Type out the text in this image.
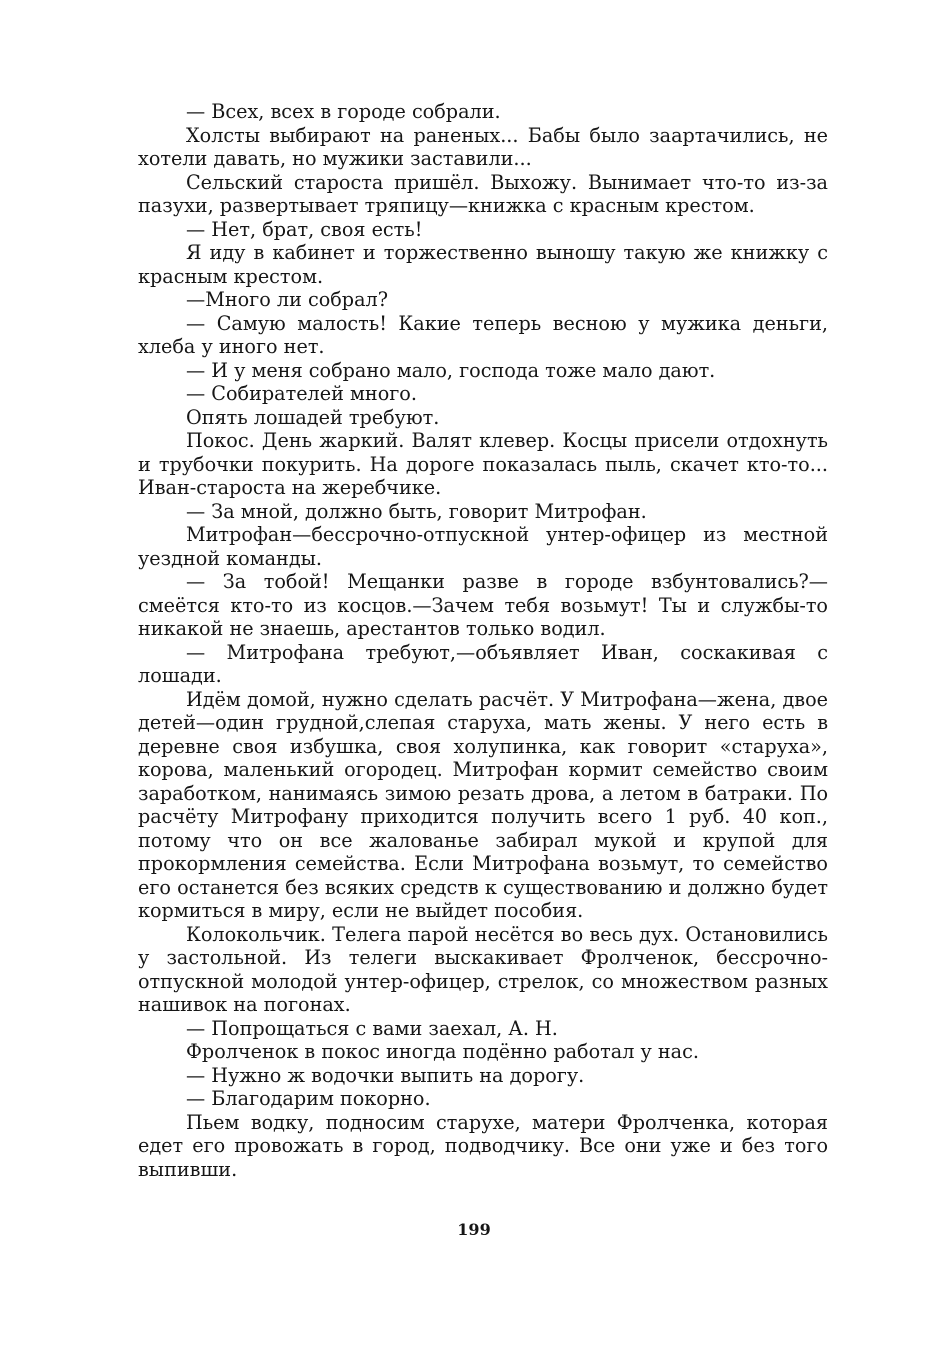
— Всех, всех в городе собрали.

Холсты выбирают на раненых... Бабы было заартачились, не хотели давать, но мужики заставили...

Сельский староста пришёл. Выхожу. Вынимает что-то из-за пазухи, развертывает тряпицу—книжка с красным крестом.

— Нет, брат, своя есть!

Я иду в кабинет и торжественно выношу такую же книжку с красным крестом.

—Много ли собрал?

— Самую малость! Какие теперь весною у мужика деньги, хлеба у иного нет.

— И у меня собрано мало, господа тоже мало дают.

— Собирателей много.

Опять лошадей требуют.

Покос. День жаркий. Валят клевер. Косцы присели отдохнуть и трубочки покурить. На дороге показалась пыль, скачет кто-то... Иван-староста на жеребчике.

— За мной, должно быть, говорит Митрофан.

Митрофан—бессрочно-отпускной унтер-офицер из местной уездной команды.

— За тобой! Мещанки разве в городе взбунтовались?— смеётся кто-то из косцов.—Зачем тебя возьмут! Ты и службы-то никакой не знаешь, арестантов только водил.

— Митрофана требуют,—объявляет Иван, соскакивая с лошади.

Идём домой, нужно сделать расчёт. У Митрофана—жена, двое детей—один грудной,слепая старуха, мать жены. У него есть в деревне своя избушка, своя холупинка, как говорит «старуха», корова, маленький огородец. Митрофан кормит семейство своим заработком, нанимаясь зимою резать дрова, а летом в батраки. По расчёту Митрофану приходится получить всего 1 руб. 40 коп., потому что он все жалованье забирал мукой и крупой для прокормления семейства. Если Митрофана возьмут, то семейство его останется без всяких средств к существованию и должно будет кормиться в миру, если не выйдет пособия.

Колокольчик. Телега парой несётся во весь дух. Остановились у застольной. Из телеги выскакивает Фролченок, бессрочно-отпускной молодой унтер-офицер, стрелок, со множеством разных нашивок на погонах.

— Попрощаться с вами заехал, А. Н.

Фролченок в покос иногда подённо работал у нас.

— Нужно ж водочки выпить на дорогу.

— Благодарим покорно.

Пьем водку, подносим старухе, матери Фролченка, которая едет его провожать в город, подводчику. Все они уже и без того выпивши.

199
